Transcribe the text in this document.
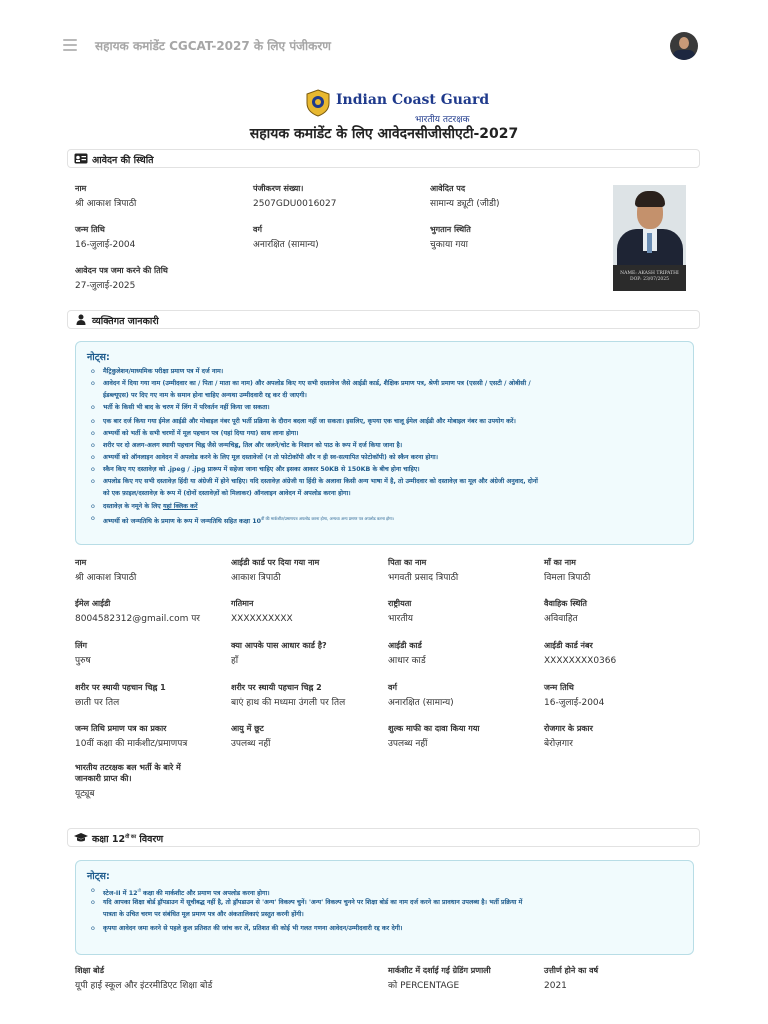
सहायक कमांडेंट CGCAT-2027 के लिए पंजीकरण
Indian Coast Guard
भारतीय तटरक्षक
सहायक कमांडेंट के लिए आवेदनसीजीसीएटी-2027
आवेदन की स्थिति
नाम
श्री आकाश त्रिपाठी
पंजीकरण संख्या।
2507GDU0016027
आवेदित पद
सामान्य ड्यूटी (जीडी)
जन्म तिथि
16-जुलाई-2004
वर्ग
अनारक्षित (सामान्य)
भुगतान स्थिति
चुकाया गया
आवेदन पत्र जमा करने की तिथि
27-जुलाई-2025
NAME: AKASH TRIPATHI
DOP: 23/07/2025
व्यक्तिगत जानकारी
नोट्स:
o मैट्रिकुलेशन/माध्यमिक परीक्षा प्रमाण पत्र में दर्ज नाम।
o आवेदन में दिया गया नाम (उम्मीदवार का / पिता / माता का नाम) और अपलोड किए गए सभी दस्तावेज जैसे आईडी कार्ड, शैक्षिक प्रमाण पत्र, श्रेणी प्रमाण पत्र (एससी / एसटी / ओबीसी /
ईडब्ल्यूएस) पर दिए गए नाम के समान होना चाहिए अन्यथा उम्मीदवारी रद्द कर दी जाएगी।
o भर्ती के किसी भी बाद के चरण में लिंग में परिवर्तन नहीं किया जा सकता।
o एक बार दर्ज किया गया ईमेल आईडी और मोबाइल नंबर पूरी भर्ती प्रक्रिया के दौरान बदला नहीं जा सकता। इसलिए, कृपया एक चालू ईमेल आईडी और मोबाइल नंबर का उपयोग करें।
o अभ्यर्थी को भर्ती के सभी चरणों में मूल पहचान पत्र (यहां दिया गया) साथ लाना होगा।
o शरीर पर दो अलग-अलग स्थायी पहचान चिह्न जैसे जन्मचिह्न, तिल और जलने/चोट के निशान को पाठ के रूप में दर्ज किया जाना है।
o अभ्यर्थी को ऑनलाइन आवेदन में अपलोड करने के लिए मूल दस्तावेजों (न तो फोटोकॉपी और न ही स्व-सत्यापित फोटोकॉपी) को स्कैन करना होगा।
o स्कैन किए गए दस्तावेज़ को .jpeg / .jpg प्रारूप में सहेजा जाना चाहिए और इसका आकार 50KB से 150KB के बीच होना चाहिए।
o अपलोड किए गए सभी दस्तावेज़ हिंदी या अंग्रेजी में होने चाहिए। यदि दस्तावेज़ अंग्रेजी या हिंदी के अलावा किसी अन्य भाषा में है, तो उम्मीदवार को दस्तावेज़ का मूल और अंग्रेजी अनुवाद, दोनों
को एक फ़ाइल/दस्तावेज़ के रूप में (दोनों दस्तावेज़ों को मिलाकर) ऑनलाइन आवेदन में अपलोड करना होगा।
o दस्तावेज़ के नमूने के लिए यहां क्लिक करें
o अभ्यर्थी को जन्मतिथि के प्रमाण के रूप में जन्मतिथि सहित कक्षा $10^{वीं की मार्कशीट/प्रमाणपत्र अपलोड करना होगा, अन्यथा अन्य प्रमाण पत्र अपलोड करना होगा।}$
नाम
श्री आकाश त्रिपाठी
आईडी कार्ड पर दिया गया नाम
आकाश त्रिपाठी
पिता का नाम
भगवती प्रसाद त्रिपाठी
माँ का नाम
विमला त्रिपाठी
ईमेल आईडी
8004582312@gmail.com पर
गतिमान
XXXXXXXXXX
राष्ट्रीयता
भारतीय
वैवाहिक स्थिति
अविवाहित
लिंग
पुरुष
क्या आपके पास आधार कार्ड है?
हाँ
आईडी कार्ड
आधार कार्ड
आईडी कार्ड नंबर
XXXXXXXX0366
शरीर पर स्थायी पहचान चिह्न 1
छाती पर तिल
शरीर पर स्थायी पहचान चिह्न 2
बाएं हाथ की मध्यमा उंगली पर तिल
वर्ग
अनारक्षित (सामान्य)
जन्म तिथि
16-जुलाई-2004
जन्म तिथि प्रमाण पत्र का प्रकार
10वीं कक्षा की मार्कशीट/प्रमाणपत्र
आयु में छूट
उपलब्ध नहीं
शुल्क माफी का दावा किया गया
उपलब्ध नहीं
रोजगार के प्रकार
बेरोज़गार
भारतीय तटरक्षक बल भर्ती के बारे में
जानकारी प्राप्त की।
यूट्यूब
कक्षा $12^{वीं का}$ विवरण
नोट्स:
o स्टेज-II में $12^{वीं}$ कक्षा की मार्कशीट और प्रमाण पत्र अपलोड करना होगा।
o यदि आपका शिक्षा बोर्ड ड्रॉपडाउन में सूचीबद्ध नहीं है, तो ड्रॉपडाउन से 'अन्य' विकल्प चुनें। 'अन्य' विकल्प चुनने पर शिक्षा बोर्ड का नाम दर्ज करने का प्रावधान उपलब्ध है। भर्ती प्रक्रिया में
पात्रता के उचित चरण पर संबंधित मूल प्रमाण पत्र और अंकतालिकाएं प्रस्तुत करनी होंगी।
o कृपया आवेदन जमा करने से पहले कुल प्रतिशत की जांच कर लें, प्रतिशत की कोई भी गलत गणना आवेदन/उम्मीदवारी रद्द कर देगी।
शिक्षा बोर्ड
यूपी हाई स्कूल और इंटरमीडिएट शिक्षा बोर्ड
मार्कशीट में दर्शाई गई ग्रेडिंग प्रणाली
को PERCENTAGE
उत्तीर्ण होने का वर्ष
2021
